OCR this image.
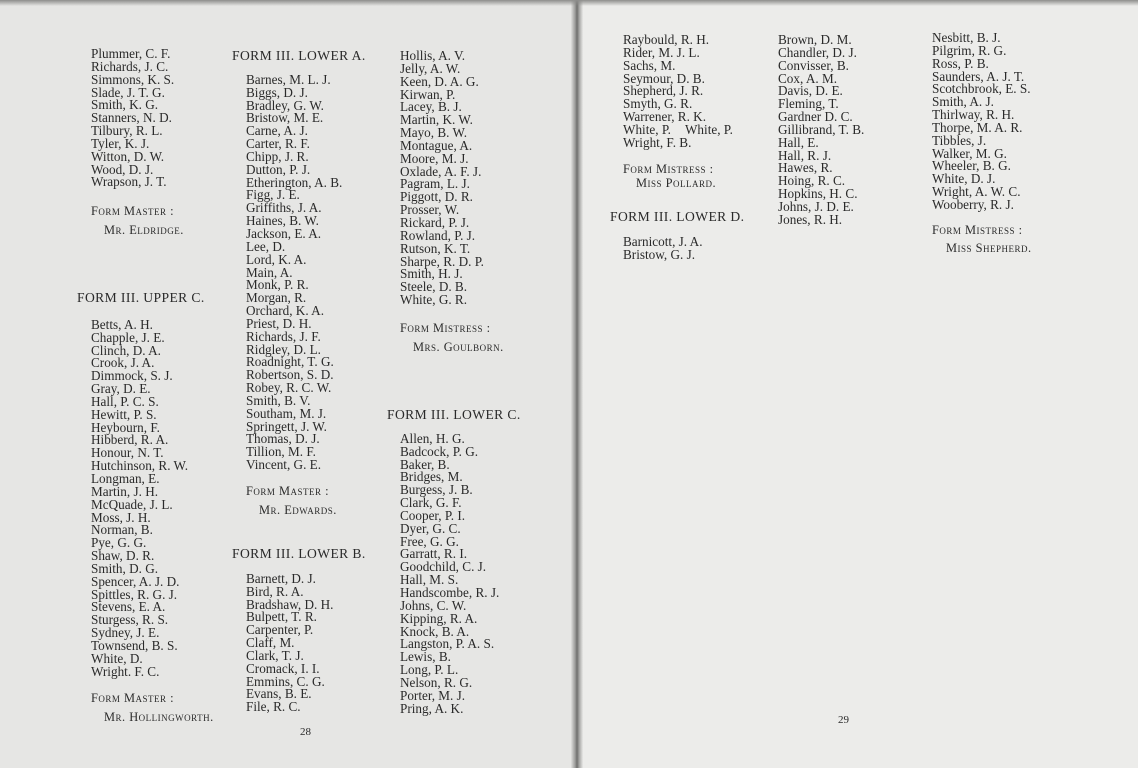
Plummer, C. F.
Richards, J. C.
Simmons, K. S.
Slade, J. T. G.
Smith, K. G.
Stanners, N. D.
Tilbury, R. L.
Tyler, K. J.
Witton, D. W.
Wood, D. J.
Wrapson, J. T.
Form Master :
Mr. Eldridge.
FORM III. UPPER C.
Betts, A. H.
Chapple, J. E.
Clinch, D. A.
Crook, J. A.
Dimmock, S. J.
Gray, D. E.
Hall, P. C. S.
Hewitt, P. S.
Heybourn, F.
Hibberd, R. A.
Honour, N. T.
Hutchinson, R. W.
Longman, E.
Martin, J. H.
McQuade, J. L.
Moss, J. H.
Norman, B.
Pye, G. G.
Shaw, D. R.
Smith, D. G.
Spencer, A. J. D.
Spittles, R. G. J.
Stevens, E. A.
Sturgess, R. S.
Sydney, J. E.
Townsend, B. S.
White, D.
Wright. F. C.
Form Master :
Mr. Hollingworth.
FORM III. LOWER A.
Barnes, M. L. J.
Biggs, D. J.
Bradley, G. W.
Bristow, M. E.
Carne, A. J.
Carter, R. F.
Chipp, J. R.
Dutton, P. J.
Etherington, A. B.
Figg, J. E.
Griffiths, J. A.
Haines, B. W.
Jackson, E. A.
Lee, D.
Lord, K. A.
Main, A.
Monk, P. R.
Morgan, R.
Orchard, K. A.
Priest, D. H.
Richards, J. F.
Ridgley, D. L.
Roadnight, T. G.
Robertson, S. D.
Robey, R. C. W.
Smith, B. V.
Southam, M. J.
Springett, J. W.
Thomas, D. J.
Tillion, M. F.
Vincent, G. E.
Form Master :
Mr. Edwards.
FORM III. LOWER B.
Barnett, D. J.
Bird, R. A.
Bradshaw, D. H.
Bulpett, T. R.
Carpenter, P.
Claff, M.
Clark, T. J.
Cromack, I. I.
Emmins, C. G.
Evans, B. E.
File, R. C.
Hollis, A. V.
Jelly, A. W.
Keen, D. A. G.
Kirwan, P.
Lacey, B. J.
Martin, K. W.
Mayo, B. W.
Montague, A.
Moore, M. J.
Oxlade, A. F. J.
Pagram, L. J.
Piggott, D. R.
Prosser, W.
Rickard, P. J.
Rowland, P. J.
Rutson, K. T.
Sharpe, R. D. P.
Smith, H. J.
Steele, D. B.
White, G. R.
Form Mistress :
Mrs. Goulborn.
FORM III. LOWER C.
Allen, H. G.
Badcock, P. G.
Baker, B.
Bridges, M.
Burgess, J. B.
Clark, G. F.
Cooper, P. I.
Dyer, G. C.
Free, G. G.
Garratt, R. I.
Goodchild, C. J.
Hall, M. S.
Handscombe, R. J.
Johns, C. W.
Kipping, R. A.
Knock, B. A.
Langston, P. A. S.
Lewis, B.
Long, P. L.
Nelson, R. G.
Porter, M. J.
Pring, A. K.
28
Raybould, R. H.
Rider, M. J. L.
Sachs, M.
Seymour, D. B.
Shepherd, J. R.
Smyth, G. R.
Warrener, R. K.
White, P. White, P.
Wright, F. B.
Form Mistress :
Miss Pollard.
FORM III. LOWER D.
Barnicott, J. A.
Bristow, G. J.
Brown, D. M.
Chandler, D. J.
Convisser, B.
Cox, A. M.
Davis, D. E.
Fleming, T.
Gardner D. C.
Gillibrand, T. B.
Hall, E.
Hall, R. J.
Hawes, R.
Hoing, R. C.
Hopkins, H. C.
Johns, J. D. E.
Jones, R. H.
Nesbitt, B. J.
Pilgrim, R. G.
Ross, P. B.
Saunders, A. J. T.
Scotchbrook, E. S.
Smith, A. J.
Thirlway, R. H.
Thorpe, M. A. R.
Tibbles, J.
Walker, M. G.
Wheeler, B. G.
White, D. J.
Wright, A. W. C.
Wooberry, R. J.
Form Mistress :
Miss Shepherd.
29
